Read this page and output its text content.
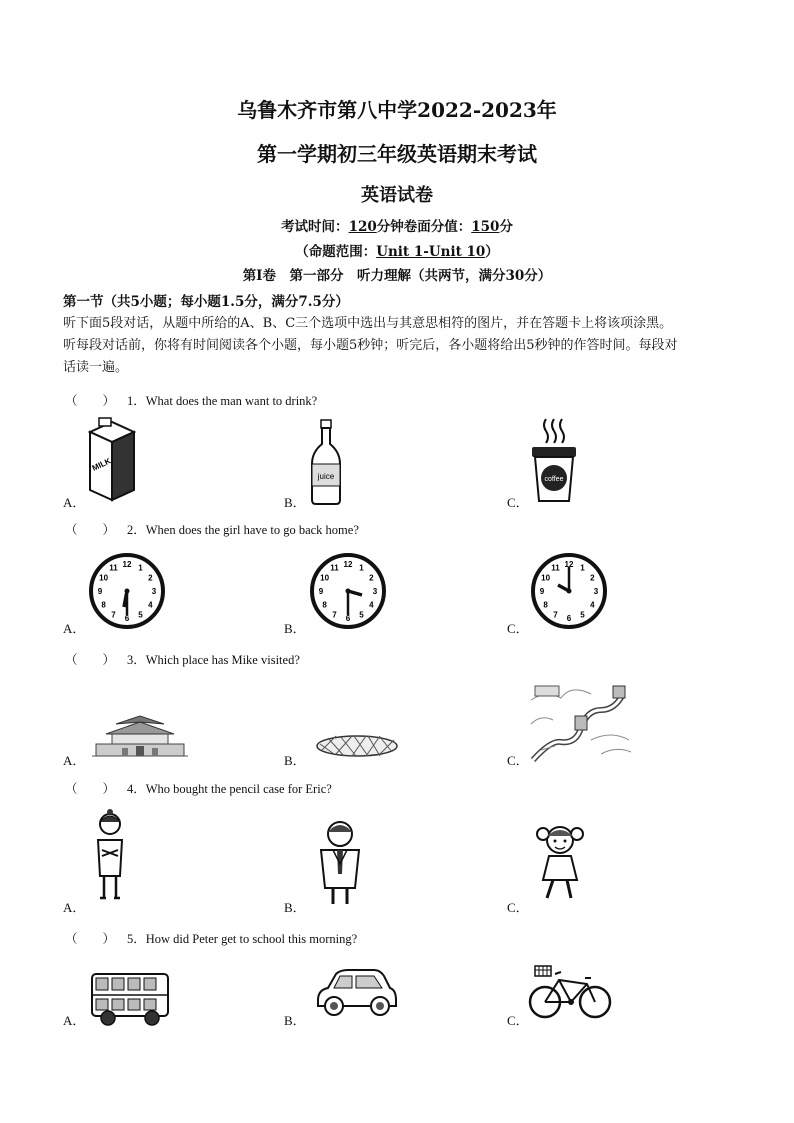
乌鲁木齐市第八中学2022-2023年
第一学期初三年级英语期末考试
英语试卷
考试时间：120分钟卷面分值：150分
（命题范围：Unit 1-Unit 10）
第Ⅰ卷　第一部分　听力理解（共两节，满分30分）
第一节（共5小题；每小题1.5分，满分7.5分）
听下面5段对话，从题中所给的A、B、C三个选项中选出与其意思相符的图片，并在答题卡上将该项涂黑。
听每段对话前，你将有时间阅读各个小题，每小题5秒钟；听完后，各小题将给出5秒钟的作答时间。每段对
话读一遍。
（　　） 1．What does the man want to drink?
（　　） 2．When does the girl have to go back home?
（　　） 3．Which place has Mike visited?
（　　） 4．Who bought the pencil case for Eric?
（　　） 5．How did Peter get to school this morning?
A．	B．	C．
A．	B．	C．
A．	B．	C．
A．	B．	C．
A．	B．	C．
MILK
juice	coffee
12 1
2
3
4
5
6
7
8
9
10
11	12 1
2
3
4
5
6
7
8
9
10
11	12 1
2
3
4
5
6
7
8
9
10
11
